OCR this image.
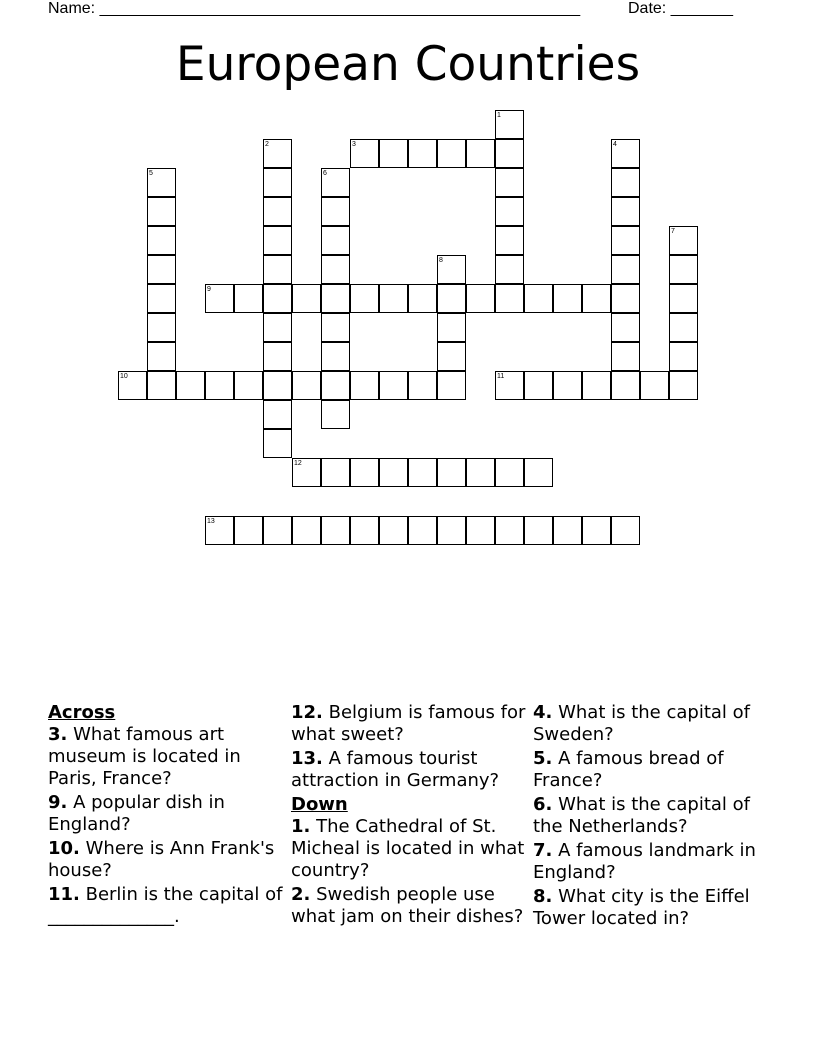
Name: ______________________________________________________	Date: _______
European Countries
1
2	3	4
5	6
7
8
9
10	11
12
13
Across
3. What famous art museum is located in Paris, France?
9. A popular dish in England?
10. Where is Ann Frank's house?
11. Berlin is the capital of ______________.
12. Belgium is famous for what sweet?
13. A famous tourist attraction in Germany?
Down
1. The Cathedral of St. Micheal is located in what country?
2. Swedish people use what jam on their dishes?
4. What is the capital of Sweden?
5. A famous bread of France?
6. What is the capital of the Netherlands?
7. A famous landmark in England?
8. What city is the Eiffel Tower located in?
